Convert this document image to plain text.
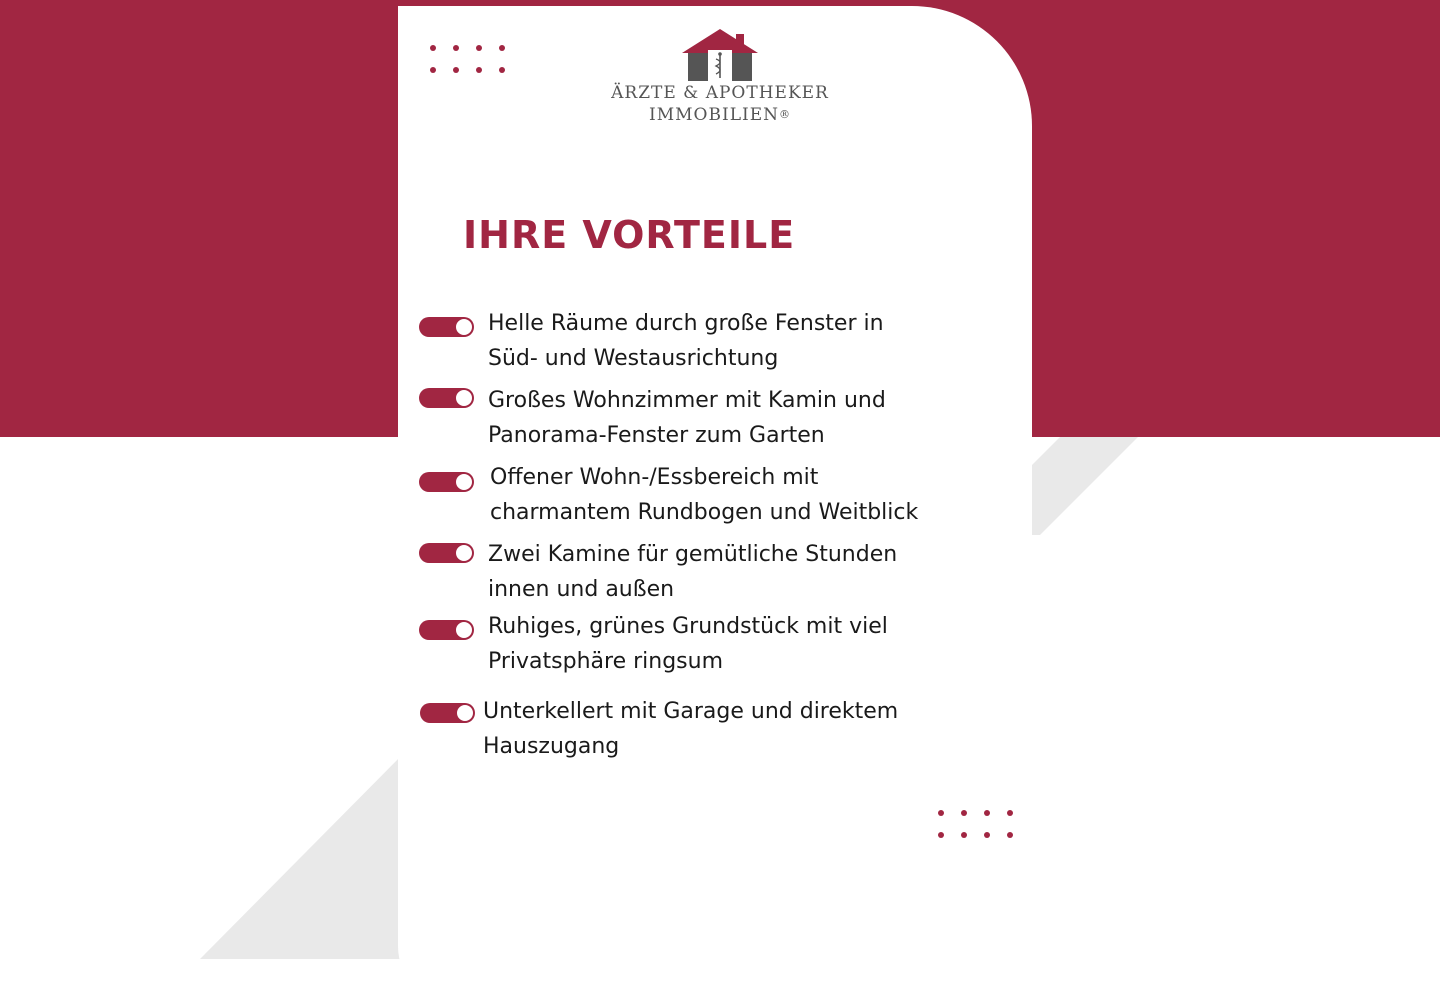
ÄRZTE & APOTHEKER
IMMOBILIEN®
IHRE VORTEILE
Helle Räume durch große Fenster in
Süd- und Westausrichtung
Großes Wohnzimmer mit Kamin und
Panorama-Fenster zum Garten
Offener Wohn-/Essbereich mit
charmantem Rundbogen und Weitblick
Zwei Kamine für gemütliche Stunden
innen und außen
Ruhiges, grünes Grundstück mit viel
Privatsphäre ringsum
Unterkellert mit Garage und direktem
Hauszugang
